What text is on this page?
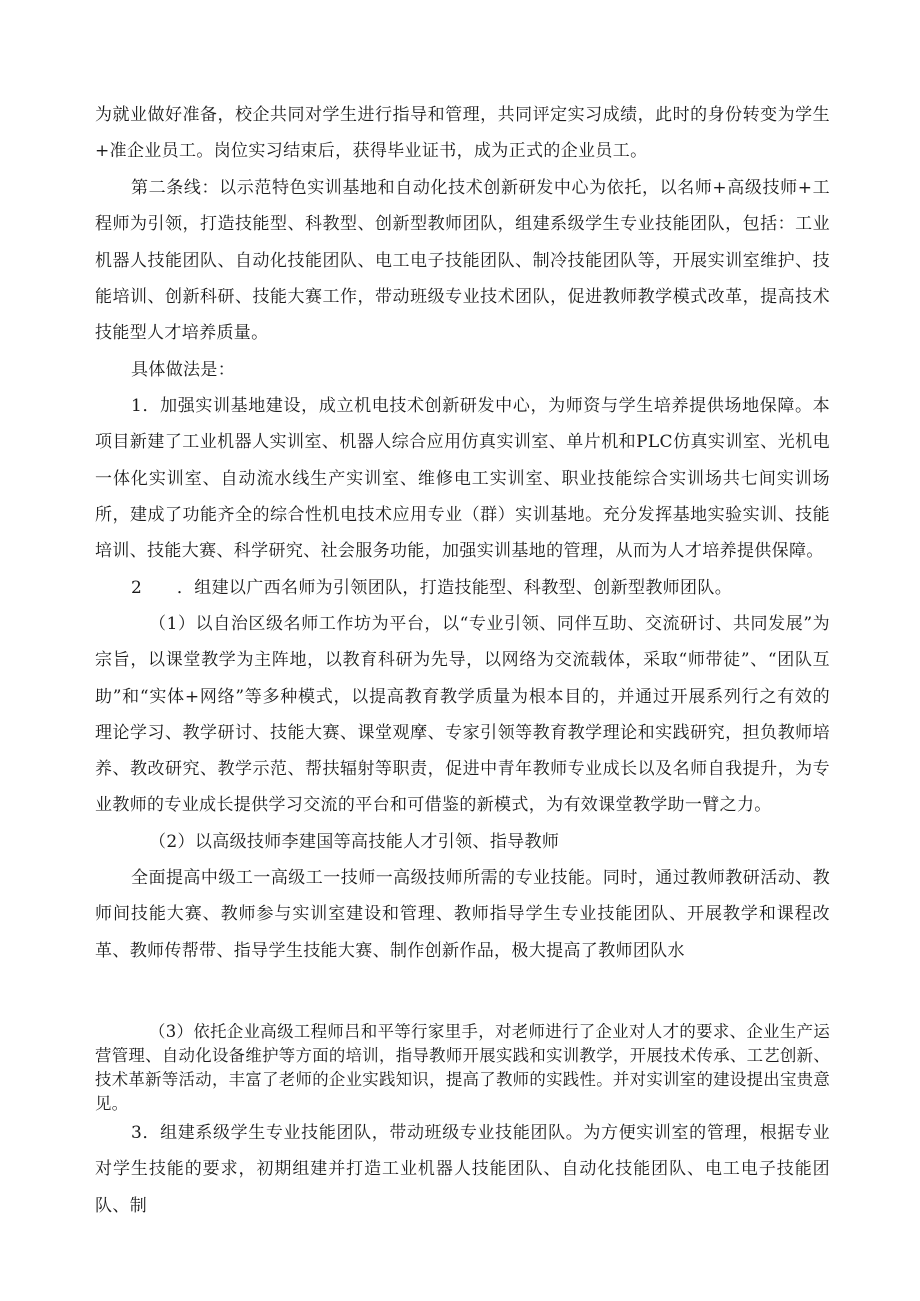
为就业做好准备，校企共同对学生进行指导和管理，共同评定实习成绩，此时的身份转变为学生+准企业员工。岗位实习结束后，获得毕业证书，成为正式的企业员工。

第二条线：以示范特色实训基地和自动化技术创新研发中心为依托，以名师+高级技师+工程师为引领，打造技能型、科教型、创新型教师团队，组建系级学生专业技能团队，包括：工业机器人技能团队、自动化技能团队、电工电子技能团队、制冷技能团队等，开展实训室维护、技能培训、创新科研、技能大赛工作，带动班级专业技术团队，促进教师教学模式改革，提高技术技能型人才培养质量。

具体做法是：

1．加强实训基地建设，成立机电技术创新研发中心，为师资与学生培养提供场地保障。本项目新建了工业机器人实训室、机器人综合应用仿真实训室、单片机和PLC仿真实训室、光机电一体化实训室、自动流水线生产实训室、维修电工实训室、职业技能综合实训场共七间实训场所，建成了功能齐全的综合性机电技术应用专业（群）实训基地。充分发挥基地实验实训、技能培训、技能大赛、科学研究、社会服务功能，加强实训基地的管理，从而为人才培养提供保障。

2　　．组建以广西名师为引领团队，打造技能型、科教型、创新型教师团队。

（1）以自治区级名师工作坊为平台，以“专业引领、同伴互助、交流研讨、共同发展”为宗旨，以课堂教学为主阵地，以教育科研为先导，以网络为交流载体，采取“师带徒”、“团队互助”和“实体+网络”等多种模式，以提高教育教学质量为根本目的，并通过开展系列行之有效的理论学习、教学研讨、技能大赛、课堂观摩、专家引领等教育教学理论和实践研究，担负教师培养、教改研究、教学示范、帮扶辐射等职责，促进中青年教师专业成长以及名师自我提升，为专业教师的专业成长提供学习交流的平台和可借鉴的新模式，为有效课堂教学助一臂之力。

（2）以高级技师李建国等高技能人才引领、指导教师

全面提高中级工一高级工一技师一高级技师所需的专业技能。同时，通过教师教研活动、教师间技能大赛、教师参与实训室建设和管理、教师指导学生专业技能团队、开展教学和课程改革、教师传帮带、指导学生技能大赛、制作创新作品，极大提高了教师团队水

（3）依托企业高级工程师吕和平等行家里手，对老师进行了企业对人才的要求、企业生产运营管理、自动化设备维护等方面的培训，指导教师开展实践和实训教学，开展技术传承、工艺创新、技术革新等活动，丰富了老师的企业实践知识，提高了教师的实践性。并对实训室的建设提出宝贵意见。

3．组建系级学生专业技能团队，带动班级专业技能团队。为方便实训室的管理，根据专业对学生技能的要求，初期组建并打造工业机器人技能团队、自动化技能团队、电工电子技能团队、制
